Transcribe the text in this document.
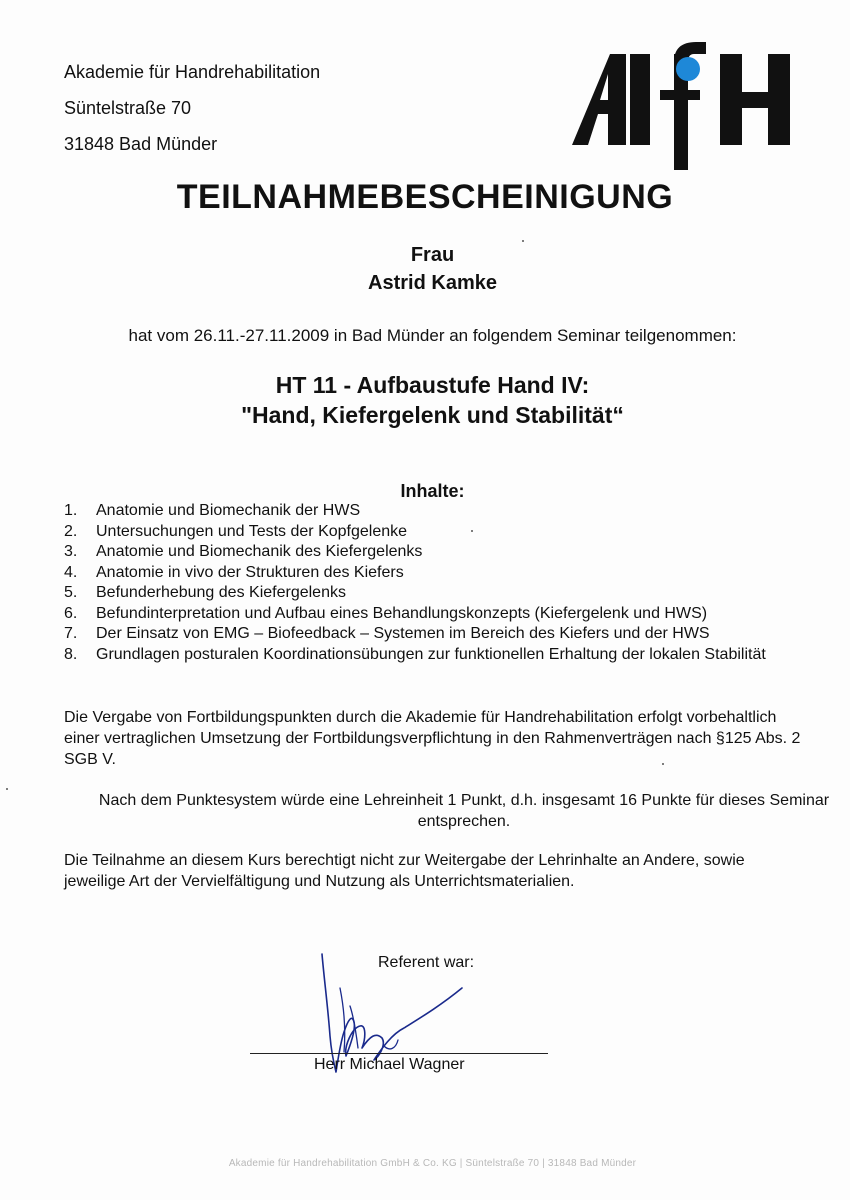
Akademie für Handrehabilitation
Süntelstraße 70
31848 Bad Münder
TEILNAHMEBESCHEINIGUNG
Frau
Astrid Kamke
hat vom 26.11.-27.11.2009 in Bad Münder an folgendem Seminar teilgenommen:
HT 11 - Aufbaustufe Hand IV:
"Hand, Kiefergelenk und Stabilität“
Inhalte:
1.	Anatomie und Biomechanik der HWS
2.	Untersuchungen und Tests der Kopfgelenke
3.	Anatomie und Biomechanik des Kiefergelenks
4.	Anatomie in vivo der Strukturen des Kiefers
5.	Befunderhebung des Kiefergelenks
6.	Befundinterpretation und Aufbau eines Behandlungskonzepts (Kiefergelenk und HWS)
7.	Der Einsatz von EMG – Biofeedback – Systemen im Bereich des Kiefers und der HWS
8.	Grundlagen posturalen Koordinationsübungen zur funktionellen Erhaltung der lokalen Stabilität
Die Vergabe von Fortbildungspunkten durch die Akademie für Handrehabilitation erfolgt vorbehaltlich einer vertraglichen Umsetzung der Fortbildungsverpflichtung in den Rahmenverträgen nach §125 Abs. 2 SGB V.
Nach dem Punktesystem würde eine Lehreinheit 1 Punkt, d.h. insgesamt 16 Punkte für dieses Seminar entsprechen.
Die Teilnahme an diesem Kurs berechtigt nicht zur Weitergabe der Lehrinhalte an Andere, sowie jeweilige Art der Vervielfältigung und Nutzung als Unterrichtsmaterialien.
Referent war:
Herr Michael Wagner
Akademie für Handrehabilitation GmbH & Co. KG | Süntelstraße 70 | 31848 Bad Münder
